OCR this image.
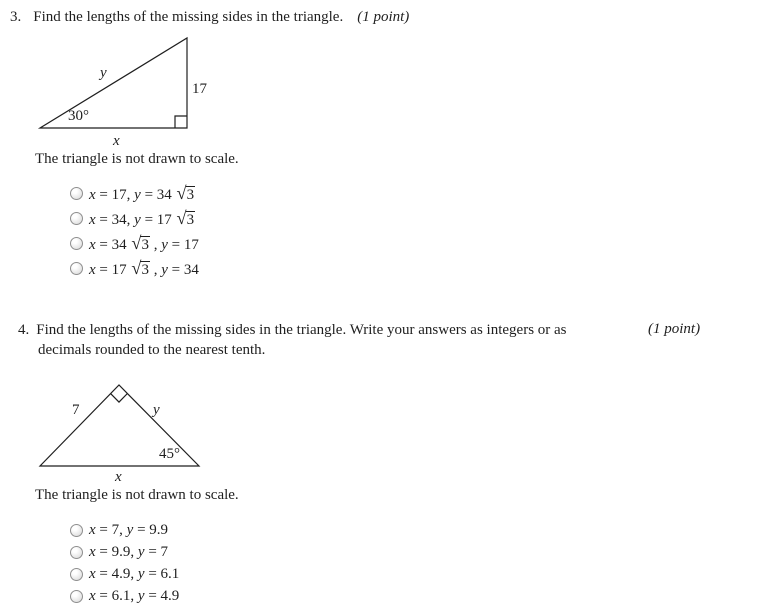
3. Find the lengths of the missing sides in the triangle. (1 point)
y
17
30°
x
The triangle is not drawn to scale.
x = 17, y = 34 √3
x = 34, y = 17 √3
x = 34 √3 , y = 17
x = 17 √3 , y = 34
4. Find the lengths of the missing sides in the triangle. Write your answers as integers or as decimals rounded to the nearest tenth.
(1 point)
7	y
45°
x
The triangle is not drawn to scale.
x = 7, y = 9.9
x = 9.9, y = 7
x = 4.9, y = 6.1
x = 6.1, y = 4.9
